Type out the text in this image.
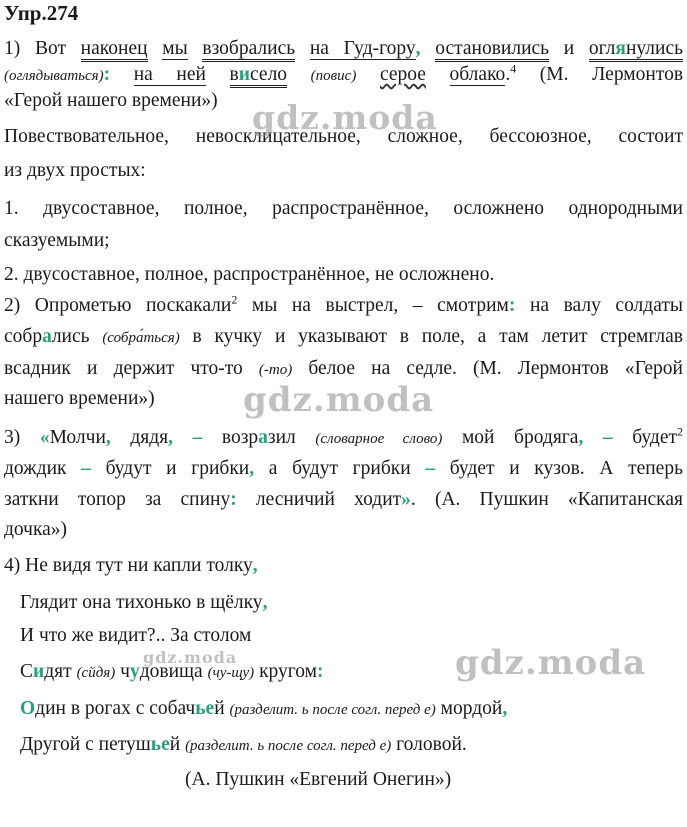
Упр.274
1) Вот наконец мы взобрались на Гуд-гору, остановились и оглянулись
(оглядываться): на ней висело (повис) серое облако.$^4$ (М. Лермонтов
«Герой нашего времени»)
Повествовательное, невосклицательное, сложное, бессоюзное, состоит
из двух простых:
1. двусоставное, полное, распространённое, осложнено однородными
сказуемыми;
2. двусоставное, полное, распространённое, не осложнено.
2) Опрометью поскакали$^2$ мы на выстрел, – смотрим: на валу солдаты
собрались (собра́ться) в кучку и указывают в поле, а там летит стремглав
всадник и держит что-то (-то) белое на седле. (М. Лермонтов «Герой
нашего времени»)
3) «Молчи, дядя, – возразил (словарное слово) мой бродяга, – будет$^2$
дождик – будут и грибки, а будут грибки – будет и кузов. А теперь
заткни топор за спину: лесничий ходит». (А. Пушкин «Капитанская
дочка»)
4) Не видя тут ни капли толку,
Глядит она тихонько в щёлку,
И что же видит?.. За столом
Сидят (сйдя) чудовища (чу-щу) кругом:
Один в рогах с собачьей (разделит. ь после согл. перед е) мордой,
Другой с петушьей (разделит. ь после согл. перед е) головой.
(А. Пушкин «Евгений Онегин»)
gdz.moda
gdz.moda
gdz.moda	gdz.moda
